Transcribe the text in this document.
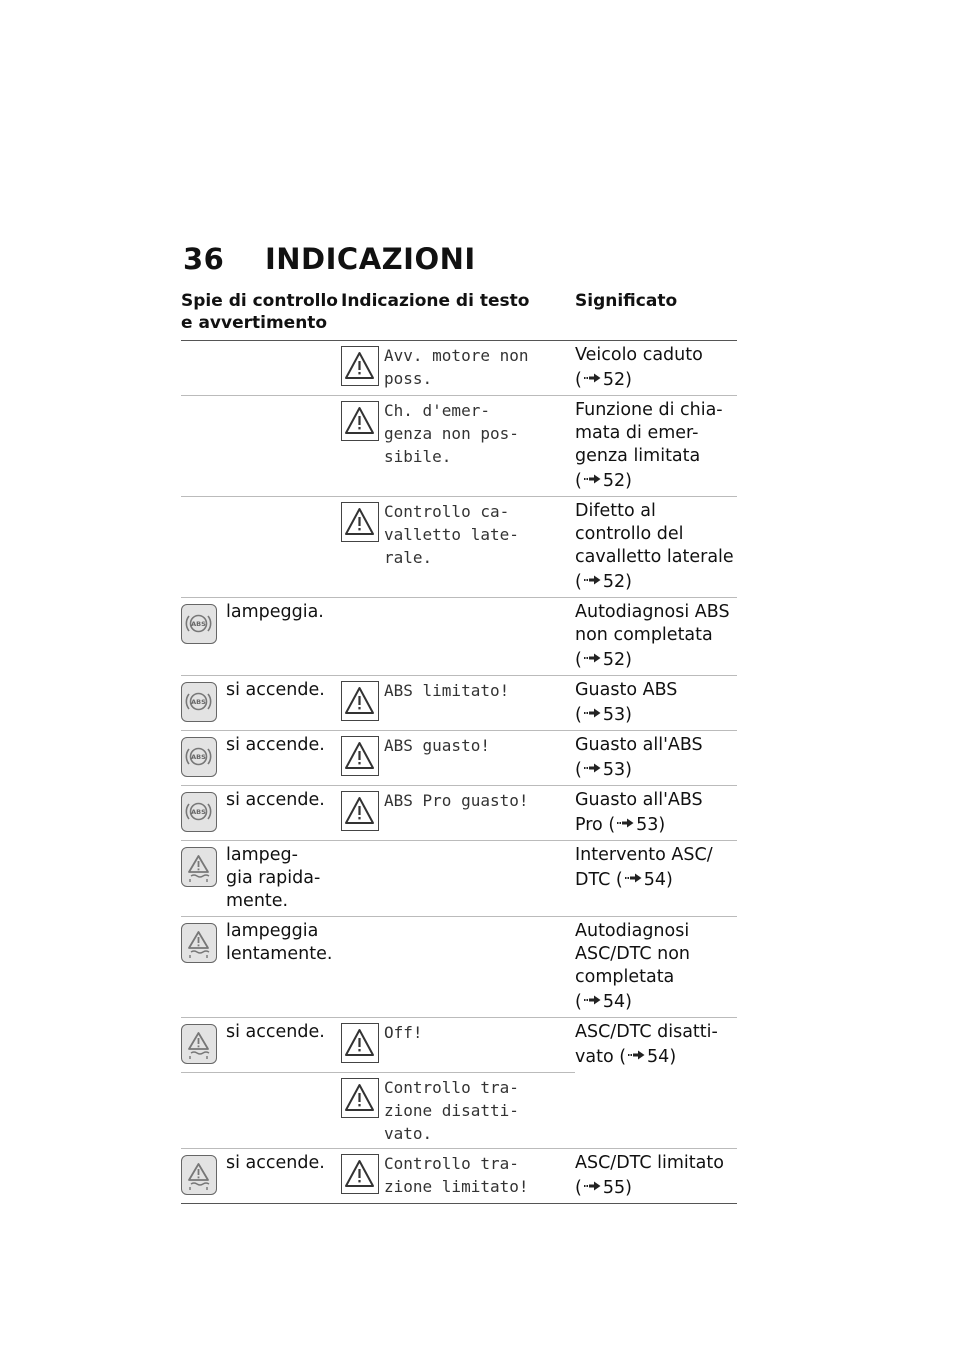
36 INDICAZIONI
Spie di controllo
e avvertimento	Indicazione di testo	Significato

	Avv. motore non
poss.	Veicolo caduto
( 52)

	Ch. d'emer-
genza non pos-
sibile.	Funzione di chia-
mata di emer-
genza limitata
( 52)

	Controllo ca-
valletto late-
rale.	Difetto al
controllo del
cavalletto laterale
( 52)

lampeggia.		Autodiagnosi ABS
non completata
( 52)

si accende.	ABS limitato!	Guasto ABS
( 53)

si accende.	ABS guasto!	Guasto all'ABS
( 53)

si accende.	ABS Pro guasto!	Guasto all'ABS
Pro ( 53)

lampeg-
gia rapida-
mente.		Intervento ASC/
DTC ( 54)

lampeggia
lentamente.		Autodiagnosi
ASC/DTC non
completata
( 54)

si accende.	Off!	ASC/DTC disatti-
vato ( 54)

	Controllo tra-
zione disatti-
vato.	

si accende.	Controllo tra-
zione limitato!	ASC/DTC limitato
( 55)
